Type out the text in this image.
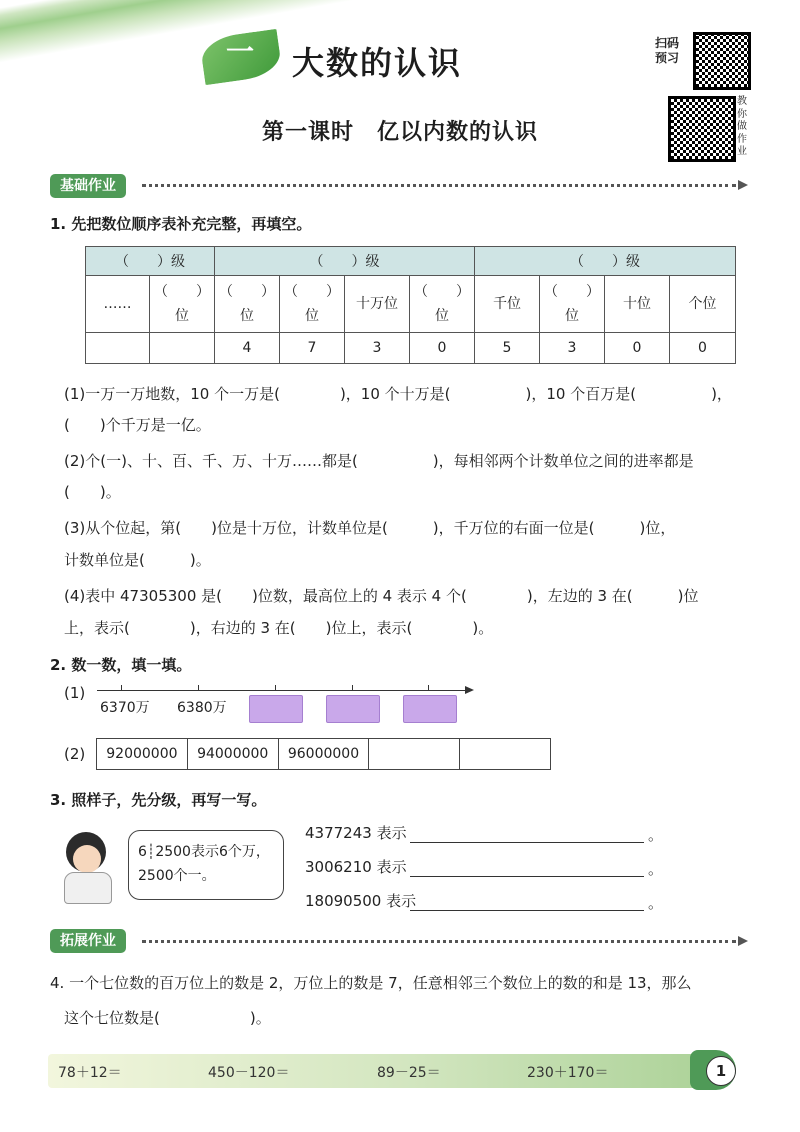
一	大数的认识
扫码预习
教你做作业
第一课时　亿以内数的认识
基础作业
1. 先把数位顺序表补充完整，再填空。
（　　）级		（　　）级				（　　）级			
……	（　　）位	（　　）位	（　　）位	十万位	（　　）位	千位	（　　）位	十位	个位
		4	7	3	0	5	3	0	0
(1)一万一万地数，10 个一万是(　　　　)，10 个十万是(　　　　　)，10 个百万是(　　　　　)，
(　　)个千万是一亿。
(2)个(一)、十、百、千、万、十万……都是(　　　　　)，每相邻两个计数单位之间的进率都是
(　　)。
(3)从个位起，第(　　)位是十万位，计数单位是(　　　)，千万位的右面一位是(　　　)位，
计数单位是(　　　)。
(4)表中 47305300 是(　　)位数，最高位上的 4 表示 4 个(　　　　)，左边的 3 在(　　　)位
上，表示(　　　　)，右边的 3 在(　　)位上，表示(　　　　)。
2. 数一数，填一填。
(1)
6370万 6380万
(2) 92000000	94000000	96000000		
3. 照样子，先分级，再写一写。
6┊2500表示6个万，
2500个一。
4377243 表示	。
3006210 表示	。
18090500 表示	。
拓展作业
4. 一个七位数的百万位上的数是 2，万位上的数是 7，任意相邻三个数位上的数的和是 13，那么
这个七位数是(　　　　　　)。
78＋12＝	450－120＝	89－25＝	230＋170＝	1
